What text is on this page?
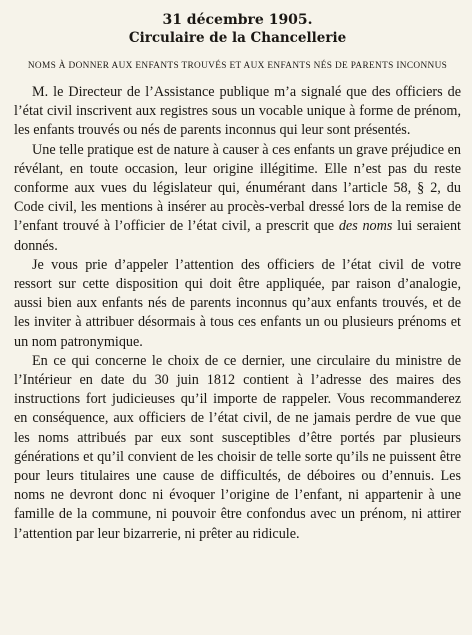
31 décembre 1905.
Circulaire de la Chancellerie
NOMS À DONNER AUX ENFANTS TROUVÉS ET AUX ENFANTS NÉS DE PARENTS INCONNUS

M. le Directeur de l’Assistance publique m’a signalé que des officiers de l’état civil inscrivent aux registres sous un vocable unique à forme de prénom, les enfants trouvés ou nés de parents inconnus qui leur sont présentés.

Une telle pratique est de nature à causer à ces enfants un grave préjudice en révélant, en toute occasion, leur origine illégitime. Elle n’est pas du reste conforme aux vues du législateur qui, énumérant dans l’article 58, § 2, du Code civil, les mentions à insérer au procès-verbal dressé lors de la remise de l’enfant trouvé à l’officier de l’état civil, a prescrit que des noms lui seraient donnés.

Je vous prie d’appeler l’attention des officiers de l’état civil de votre ressort sur cette disposition qui doit être appliquée, par raison d’analogie, aussi bien aux enfants nés de parents inconnus qu’aux enfants trouvés, et de les inviter à attribuer désormais à tous ces enfants un ou plusieurs prénoms et un nom patronymique.

En ce qui concerne le choix de ce dernier, une circulaire du ministre de l’Intérieur en date du 30 juin 1812 contient à l’adresse des maires des instructions fort judicieuses qu’il importe de rappeler. Vous recommanderez en conséquence, aux officiers de l’état civil, de ne jamais perdre de vue que les noms attribués par eux sont susceptibles d’être portés par plusieurs générations et qu’il convient de les choisir de telle sorte qu’ils ne puissent être pour leurs titulaires une cause de difficultés, de déboires ou d’ennuis. Les noms ne devront donc ni évoquer l’origine de l’enfant, ni appartenir à une famille de la commune, ni pouvoir être confondus avec un prénom, ni attirer l’attention par leur bizarrerie, ni prêter au ridicule.
